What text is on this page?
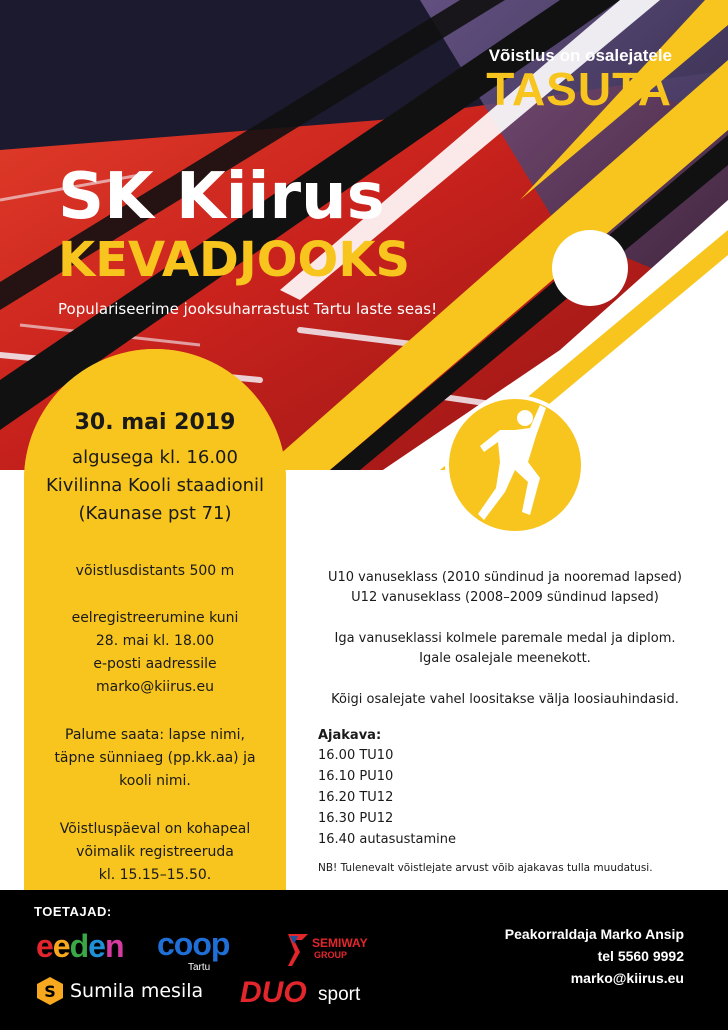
Võistlus on osalejatele
TASUTA
SK Kiirus
KEVADJOOKS
Populariseerime jooksuharrastust Tartu laste seas!
30. mai 2019
algusega kl. 16.00
Kivilinna Kooli staadionil
(Kaunase pst 71)
võistlusdistants 500 m
eelregistreerumine kuni
28. mai kl. 18.00
e-posti aadressile
marko@kiirus.eu
Palume saata: lapse nimi,
täpne sünniaeg (pp.kk.aa) ja
kooli nimi.
Võistluspäeval on kohapeal
võimalik registreeruda
kl. 15.15–15.50.
U10 vanuseklass (2010 sündinud ja nooremad lapsed)
U12 vanuseklass (2008–2009 sündinud lapsed)
Iga vanuseklassi kolmele paremale medal ja diplom.
Igale osalejale meenekott.
Kõigi osalejate vahel loositakse välja loosiauhindasid.
Ajakava:
16.00 TU10
16.10 PU10
16.20 TU12
16.30 PU12
16.40 autasustamine
NB! Tulenevalt võistlejate arvust võib ajakavas tulla muudatusi.
TOETAJAD:
eeden coop
Tartu
SEMIWAY
GROUP
S Sumila mesila DUO sport
Peakorraldaja Marko Ansip
tel 5560 9992
marko@kiirus.eu
